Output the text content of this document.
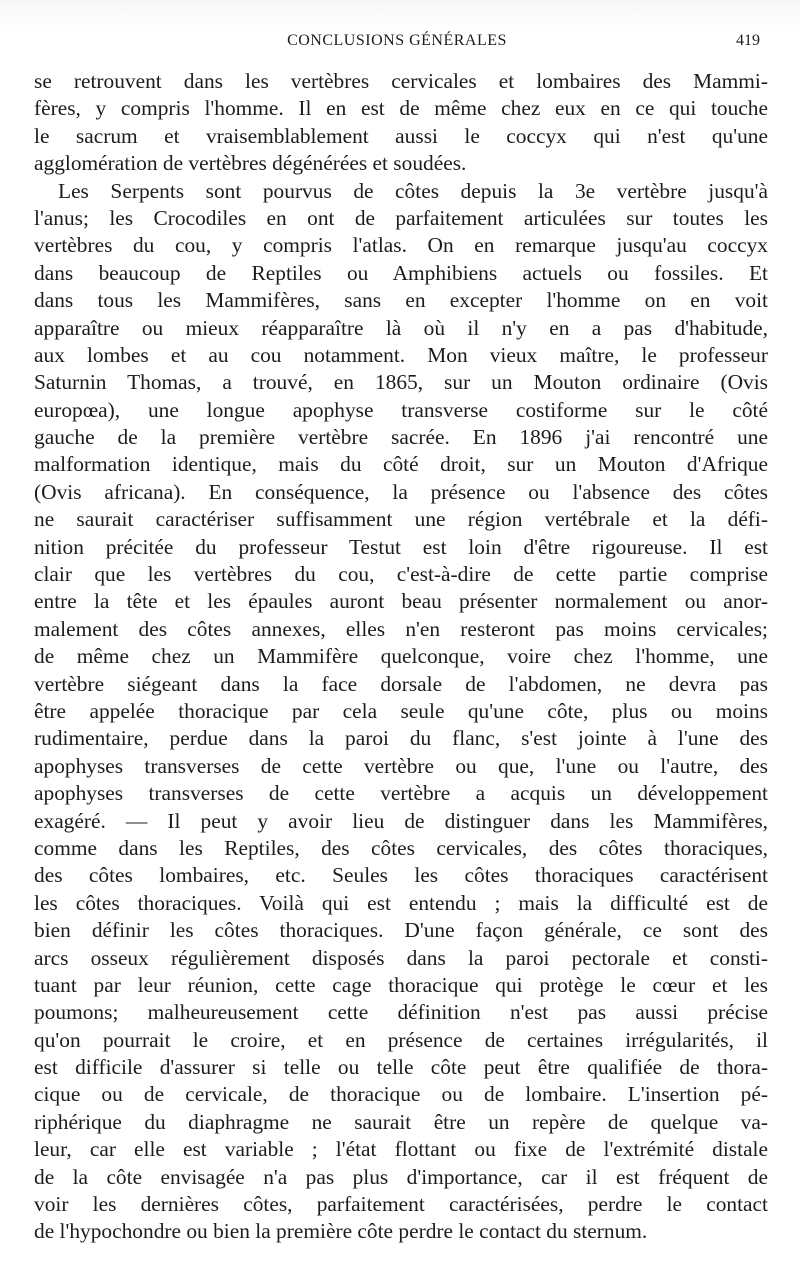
CONCLUSIONS GÉNÉRALES	419
se retrouvent dans les vertèbres cervicales et lombaires des Mammi-
fères, y compris l'homme. Il en est de même chez eux en ce qui touche
le sacrum et vraisemblablement aussi le coccyx qui n'est qu'une
agglomération de vertèbres dégénérées et soudées.
Les Serpents sont pourvus de côtes depuis la 3e vertèbre jusqu'à
l'anus; les Crocodiles en ont de parfaitement articulées sur toutes les
vertèbres du cou, y compris l'atlas. On en remarque jusqu'au coccyx
dans beaucoup de Reptiles ou Amphibiens actuels ou fossiles. Et
dans tous les Mammifères, sans en excepter l'homme on en voit
apparaître ou mieux réapparaître là où il n'y en a pas d'habitude,
aux lombes et au cou notamment. Mon vieux maître, le professeur
Saturnin Thomas, a trouvé, en 1865, sur un Mouton ordinaire (Ovis
europœa), une longue apophyse transverse costiforme sur le côté
gauche de la première vertèbre sacrée. En 1896 j'ai rencontré une
malformation identique, mais du côté droit, sur un Mouton d'Afrique
(Ovis africana). En conséquence, la présence ou l'absence des côtes
ne saurait caractériser suffisamment une région vertébrale et la défi-
nition précitée du professeur Testut est loin d'être rigoureuse. Il est
clair que les vertèbres du cou, c'est-à-dire de cette partie comprise
entre la tête et les épaules auront beau présenter normalement ou anor-
malement des côtes annexes, elles n'en resteront pas moins cervicales;
de même chez un Mammifère quelconque, voire chez l'homme, une
vertèbre siégeant dans la face dorsale de l'abdomen, ne devra pas
être appelée thoracique par cela seule qu'une côte, plus ou moins
rudimentaire, perdue dans la paroi du flanc, s'est jointe à l'une des
apophyses transverses de cette vertèbre ou que, l'une ou l'autre, des
apophyses transverses de cette vertèbre a acquis un développement
exagéré. — Il peut y avoir lieu de distinguer dans les Mammifères,
comme dans les Reptiles, des côtes cervicales, des côtes thoraciques,
des côtes lombaires, etc. Seules les côtes thoraciques caractérisent
les côtes thoraciques. Voilà qui est entendu ; mais la difficulté est de
bien définir les côtes thoraciques. D'une façon générale, ce sont des
arcs osseux régulièrement disposés dans la paroi pectorale et consti-
tuant par leur réunion, cette cage thoracique qui protège le cœur et les
poumons; malheureusement cette définition n'est pas aussi précise
qu'on pourrait le croire, et en présence de certaines irrégularités, il
est difficile d'assurer si telle ou telle côte peut être qualifiée de thora-
cique ou de cervicale, de thoracique ou de lombaire. L'insertion pé-
riphérique du diaphragme ne saurait être un repère de quelque va-
leur, car elle est variable ; l'état flottant ou fixe de l'extrémité distale
de la côte envisagée n'a pas plus d'importance, car il est fréquent de
voir les dernières côtes, parfaitement caractérisées, perdre le contact
de l'hypochondre ou bien la première côte perdre le contact du sternum.
